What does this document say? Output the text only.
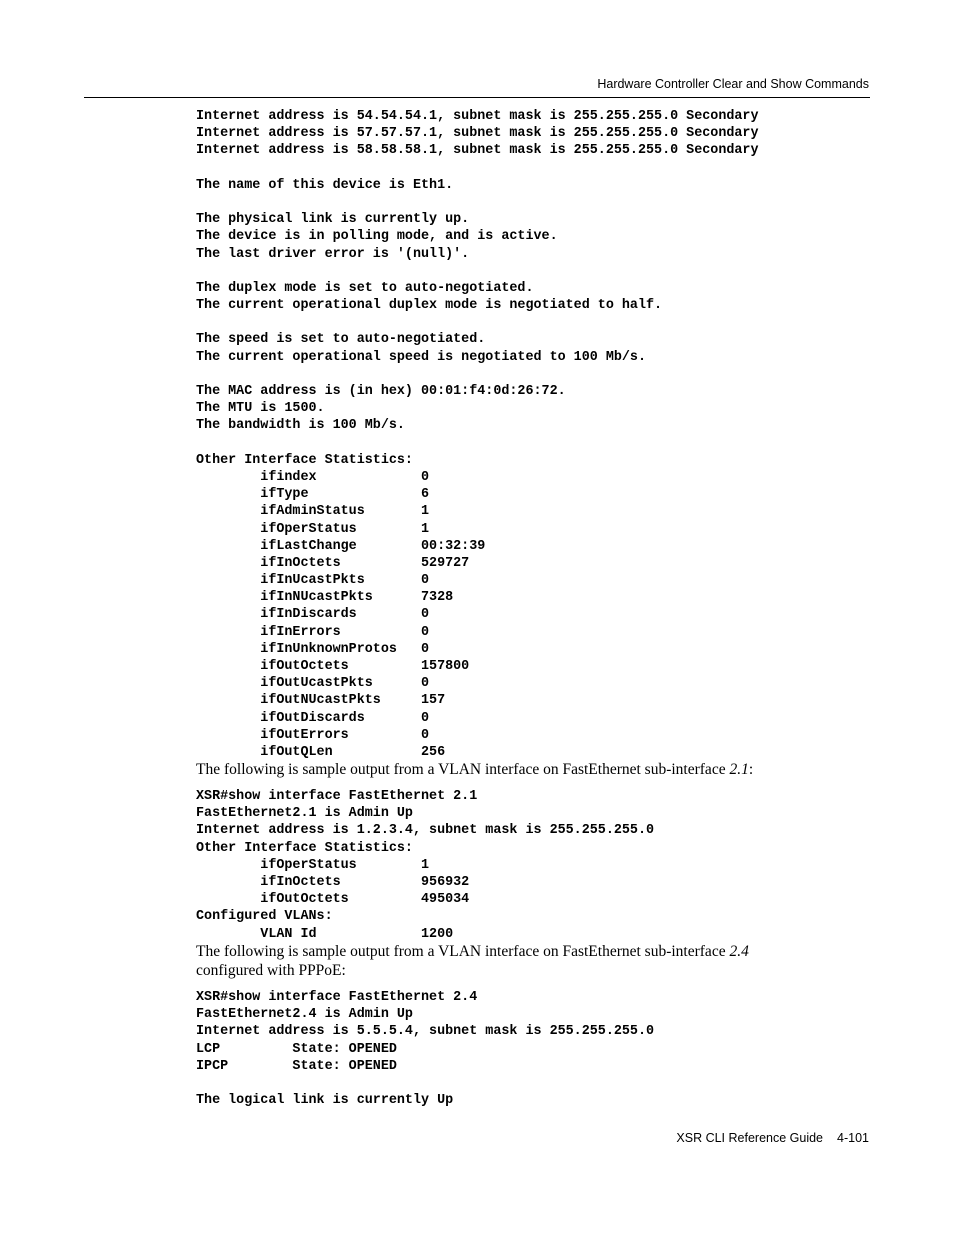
Hardware Controller Clear and Show Commands
Internet address is 54.54.54.1, subnet mask is 255.255.255.0 Secondary
Internet address is 57.57.57.1, subnet mask is 255.255.255.0 Secondary
Internet address is 58.58.58.1, subnet mask is 255.255.255.0 Secondary
The name of this device is Eth1.
The physical link is currently up.
The device is in polling mode, and is active.
The last driver error is '(null)'.
The duplex mode is set to auto-negotiated.
The current operational duplex mode is negotiated to half.
The speed is set to auto-negotiated.
The current operational speed is negotiated to 100 Mb/s.
The MAC address is (in hex) 00:01:f4:0d:26:72.
The MTU is 1500.
The bandwidth is 100 Mb/s.
Other Interface Statistics:
ifindex             0
ifType              6
ifAdminStatus       1
ifOperStatus        1
ifLastChange        00:32:39
ifInOctets          529727
ifInUcastPkts       0
ifInNUcastPkts      7328
ifInDiscards        0
ifInErrors          0
ifInUnknownProtos   0
ifOutOctets         157800
ifOutUcastPkts      0
ifOutNUcastPkts     157
ifOutDiscards       0
ifOutErrors         0
ifOutQLen           256

The following is sample output from a VLAN interface on FastEthernet sub-interface 2.1:

XSR#show interface FastEthernet 2.1
FastEthernet2.1 is Admin Up
Internet address is 1.2.3.4, subnet mask is 255.255.255.0
Other Interface Statistics:
ifOperStatus        1
ifInOctets          956932
ifOutOctets         495034
Configured VLANs:
VLAN Id             1200

The following is sample output from a VLAN interface on FastEthernet sub-interface 2.4 configured with PPPoE:

XSR#show interface FastEthernet 2.4
FastEthernet2.4 is Admin Up
Internet address is 5.5.5.4, subnet mask is 255.255.255.0
LCP         State: OPENED
IPCP        State: OPENED
The logical link is currently Up
XSR CLI Reference Guide 4-101
